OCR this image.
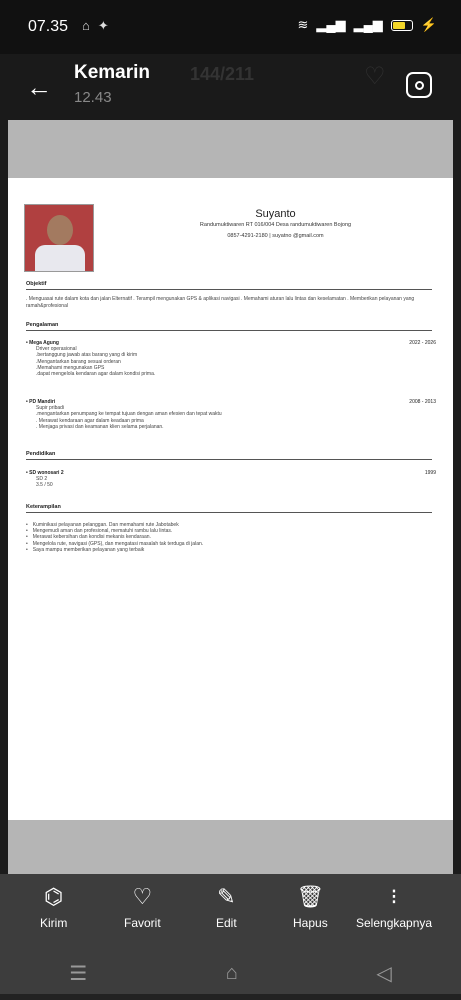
07.35 ⌂ ✦	≋ ▂▄▆ ▂▄▆	⚡
← Kemarin
12.43
144/211	♡
Suyanto
Randumuktiwaren RT 016/004 Desa randumuktiwaren Bojong
0857-4291-2180 | suyatno @gmail.com
Objektif
. Menguasai rute dalam kota dan jalan Elternatif . Terampil mengunakan GPS & aplikasi navigasi . Memahami aturan lalu lintas dan keselamatan . Memberikan pelayanan yang ramah&profesional
Pengalaman
• Mega Agung	2022 - 2026
Driver operasional
.bertanggung jawab atas barang yang di kirim
.Mengantarkan barang sesuai orderan
.Memahami mengunakan GPS
.dapat mengelola kendaran agar dalam kondisi prima.
• PD Mandiri	2008 - 2013
Supir pribadi
.mengantarkan penumpang ke tempat tujuan dengan aman efesien dan tepat waktu
. Merawat kendaraan agar dalam keadaan prima
. Menjaga privasi dan keamanan klien selama perjalanan.
Pendidikan
• SD wonosari 2	1999
SD 2
3.5 / 50
Keterampilan
• Kuminikasi pelayanan pelanggan. Dan memahami rute Jabotabek
• Mengemudi aman dan profesional, mematuhi rambu lalu lintas.
• Merawat kebersihan dan kondisi mekanis kendaraan.
• Mengelola rute, navigasi (GPS), dan mengatasi masalah tak terduga di jalan.
• Saya mampu memberikan pelayanan yang terbaik
⌬
Kirim
♡
Favorit
✎
Edit
🗑
Hapus
⁝
Selengkapnya
☰	⌂	◁
